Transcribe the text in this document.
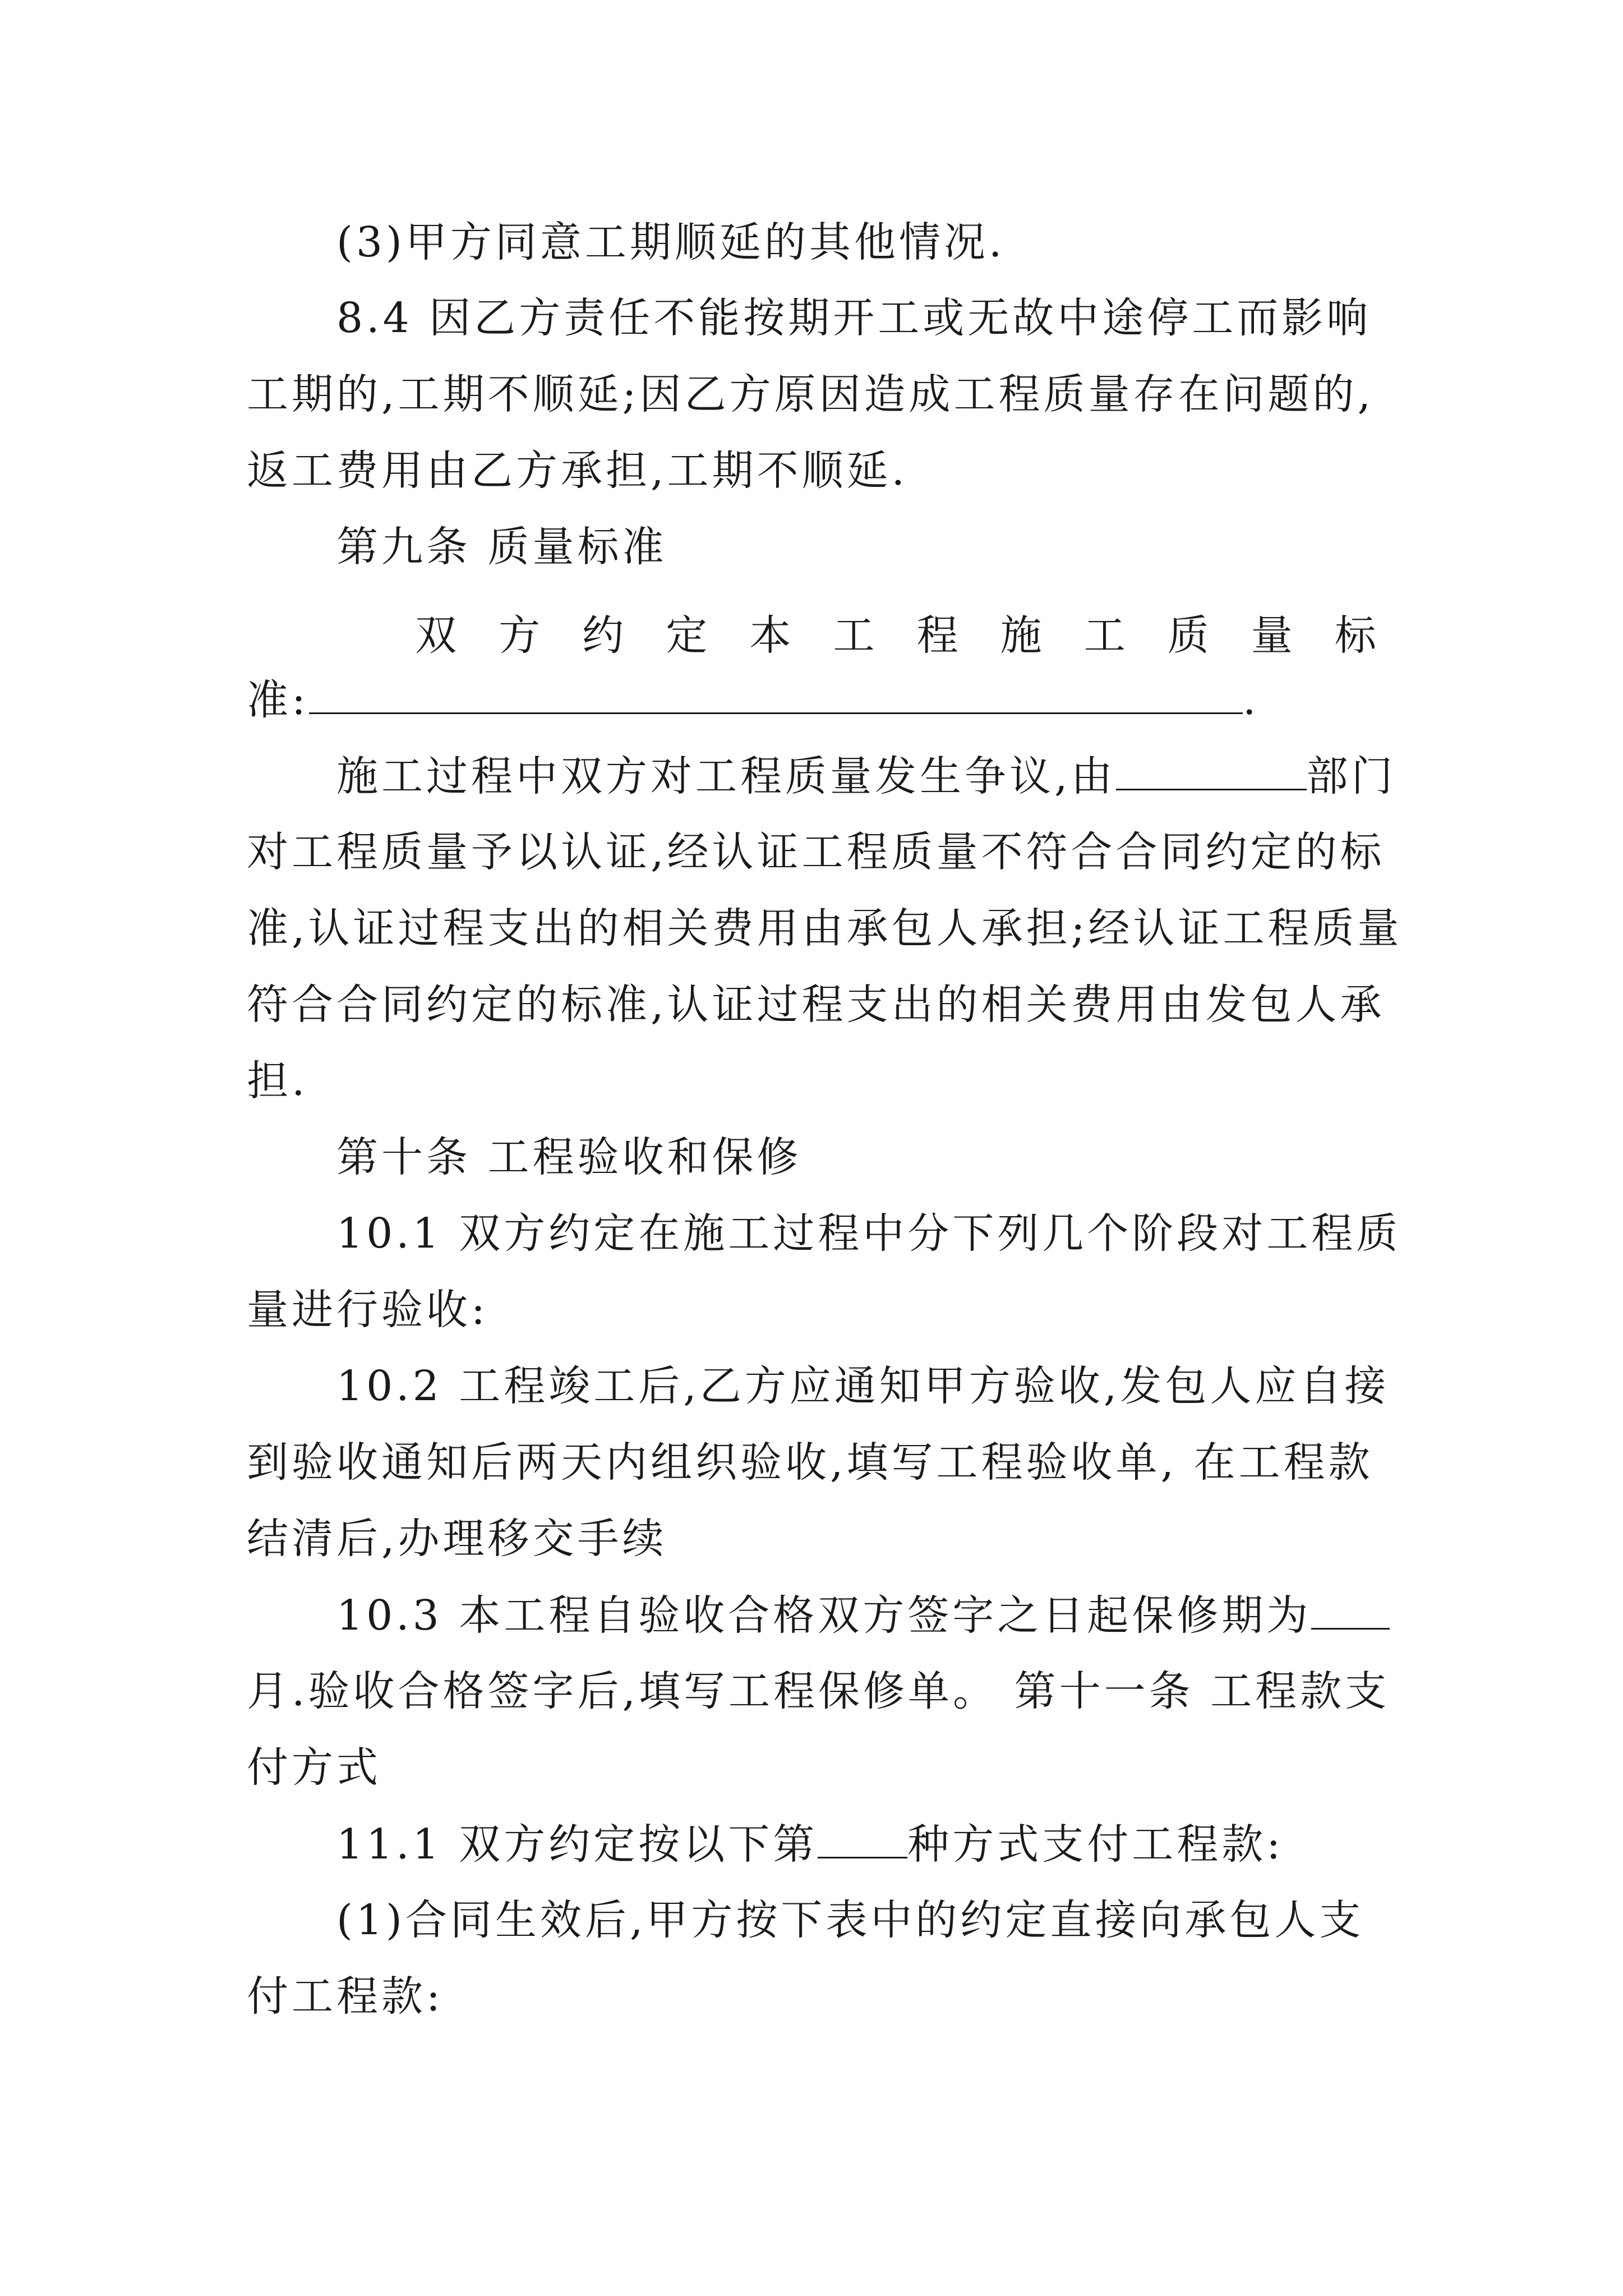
(3)甲方同意工期顺延的其他情况.
8.4 因乙方责任不能按期开工或无故中途停工而影响
工期的,工期不顺延;因乙方原因造成工程质量存在问题的,
返工费用由乙方承担,工期不顺延.
第九条 质量标准
双 方 约 定 本 工 程 施 工 质 量 标
准:	.
施工过程中双方对工程质量发生争议,由	部门
对工程质量予以认证,经认证工程质量不符合合同约定的标
准,认证过程支出的相关费用由承包人承担;经认证工程质量
符合合同约定的标准,认证过程支出的相关费用由发包人承
担.
第十条 工程验收和保修
10.1 双方约定在施工过程中分下列几个阶段对工程质
量进行验收:
10.2 工程竣工后,乙方应通知甲方验收,发包人应自接
到验收通知后两天内组织验收,填写工程验收单, 在工程款
结清后,办理移交手续
10.3 本工程自验收合格双方签字之日起保修期为
月.验收合格签字后,填写工程保修单。 第十一条 工程款支
付方式
11.1 双方约定按以下第 种方式支付工程款:
(1)合同生效后,甲方按下表中的约定直接向承包人支
付工程款:
